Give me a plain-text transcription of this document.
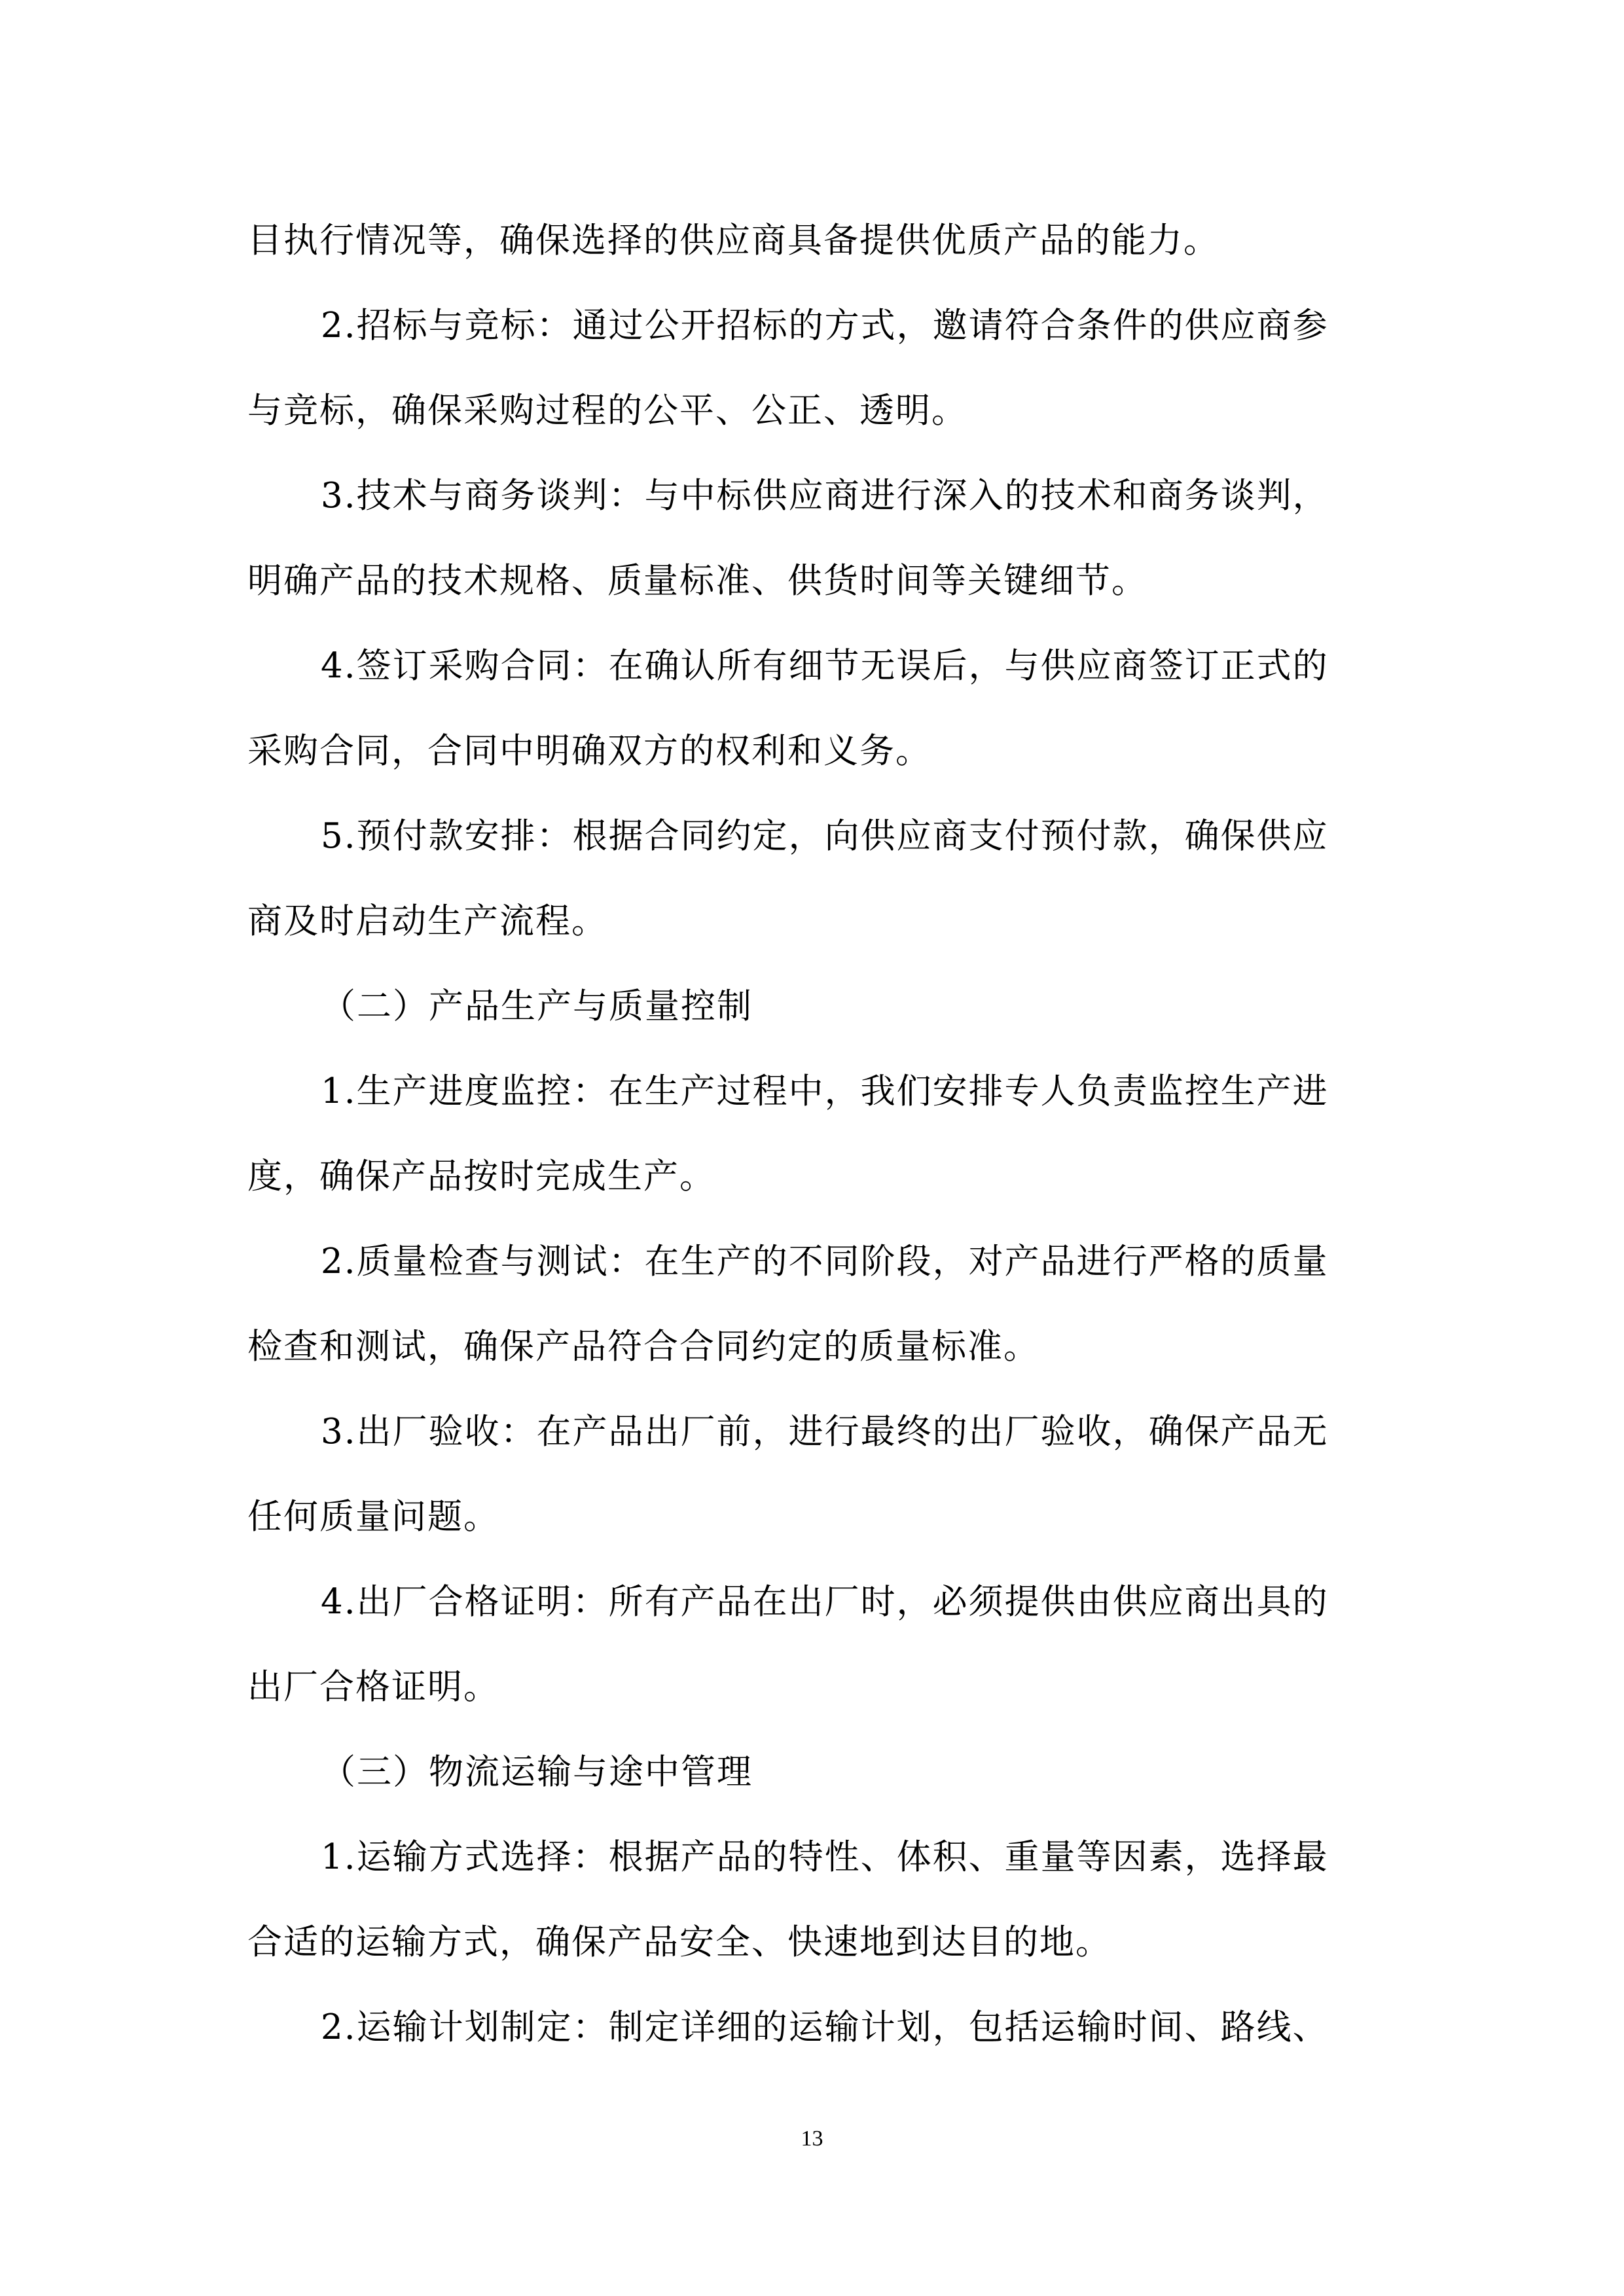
目执行情况等，确保选择的供应商具备提供优质产品的能力。

2.招标与竞标：通过公开招标的方式，邀请符合条件的供应商参

与竞标，确保采购过程的公平、公正、透明。

3.技术与商务谈判：与中标供应商进行深入的技术和商务谈判，

明确产品的技术规格、质量标准、供货时间等关键细节。

4.签订采购合同：在确认所有细节无误后，与供应商签订正式的

采购合同，合同中明确双方的权利和义务。

5.预付款安排：根据合同约定，向供应商支付预付款，确保供应

商及时启动生产流程。

（二）产品生产与质量控制

1.生产进度监控：在生产过程中，我们安排专人负责监控生产进

度，确保产品按时完成生产。

2.质量检查与测试：在生产的不同阶段，对产品进行严格的质量

检查和测试，确保产品符合合同约定的质量标准。

3.出厂验收：在产品出厂前，进行最终的出厂验收，确保产品无

任何质量问题。

4.出厂合格证明：所有产品在出厂时，必须提供由供应商出具的

出厂合格证明。

（三）物流运输与途中管理

1.运输方式选择：根据产品的特性、体积、重量等因素，选择最

合适的运输方式，确保产品安全、快速地到达目的地。

2.运输计划制定：制定详细的运输计划，包括运输时间、路线、

13
